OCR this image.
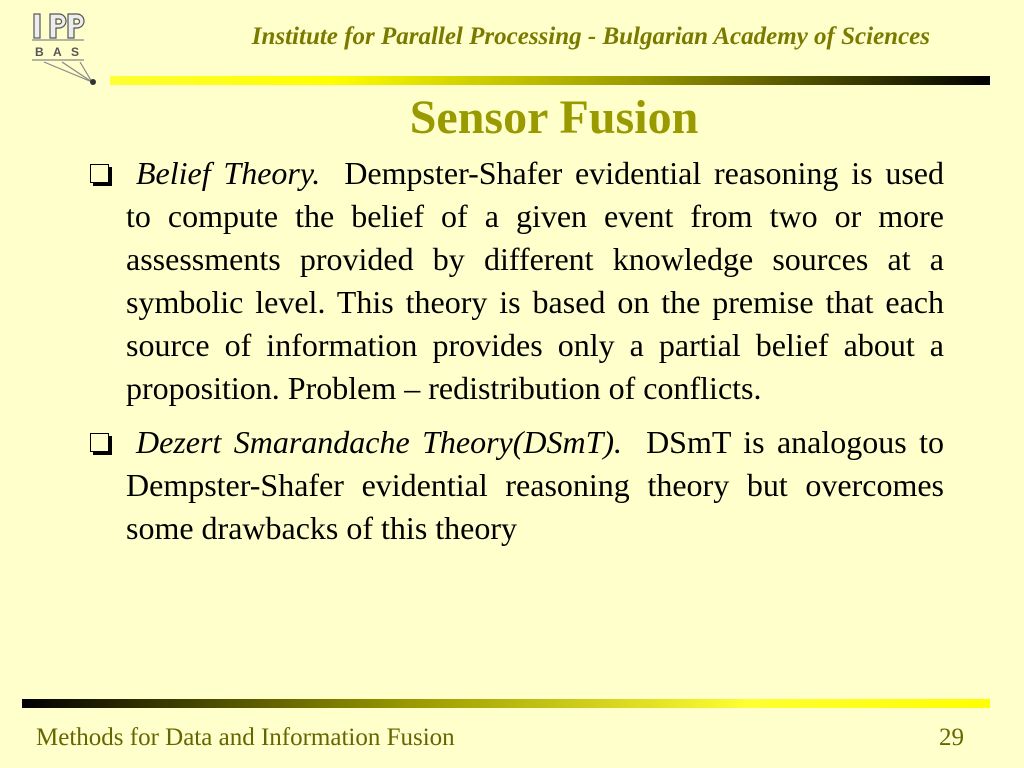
B A S
Institute for Parallel Processing - Bulgarian Academy of Sciences
Sensor Fusion
Belief Theory. Dempster-Shafer evidential reasoning is used to compute the belief of a given event from two or more assessments provided by different knowledge sources at a symbolic level. This theory is based on the premise that each source of information provides only a partial belief about a proposition. Problem – redistribution of conflicts.
Dezert Smarandache Theory(DSmT). DSmT is analogous to Dempster-Shafer evidential reasoning theory but overcomes some drawbacks of this theory
Methods for Data and Information Fusion	29
